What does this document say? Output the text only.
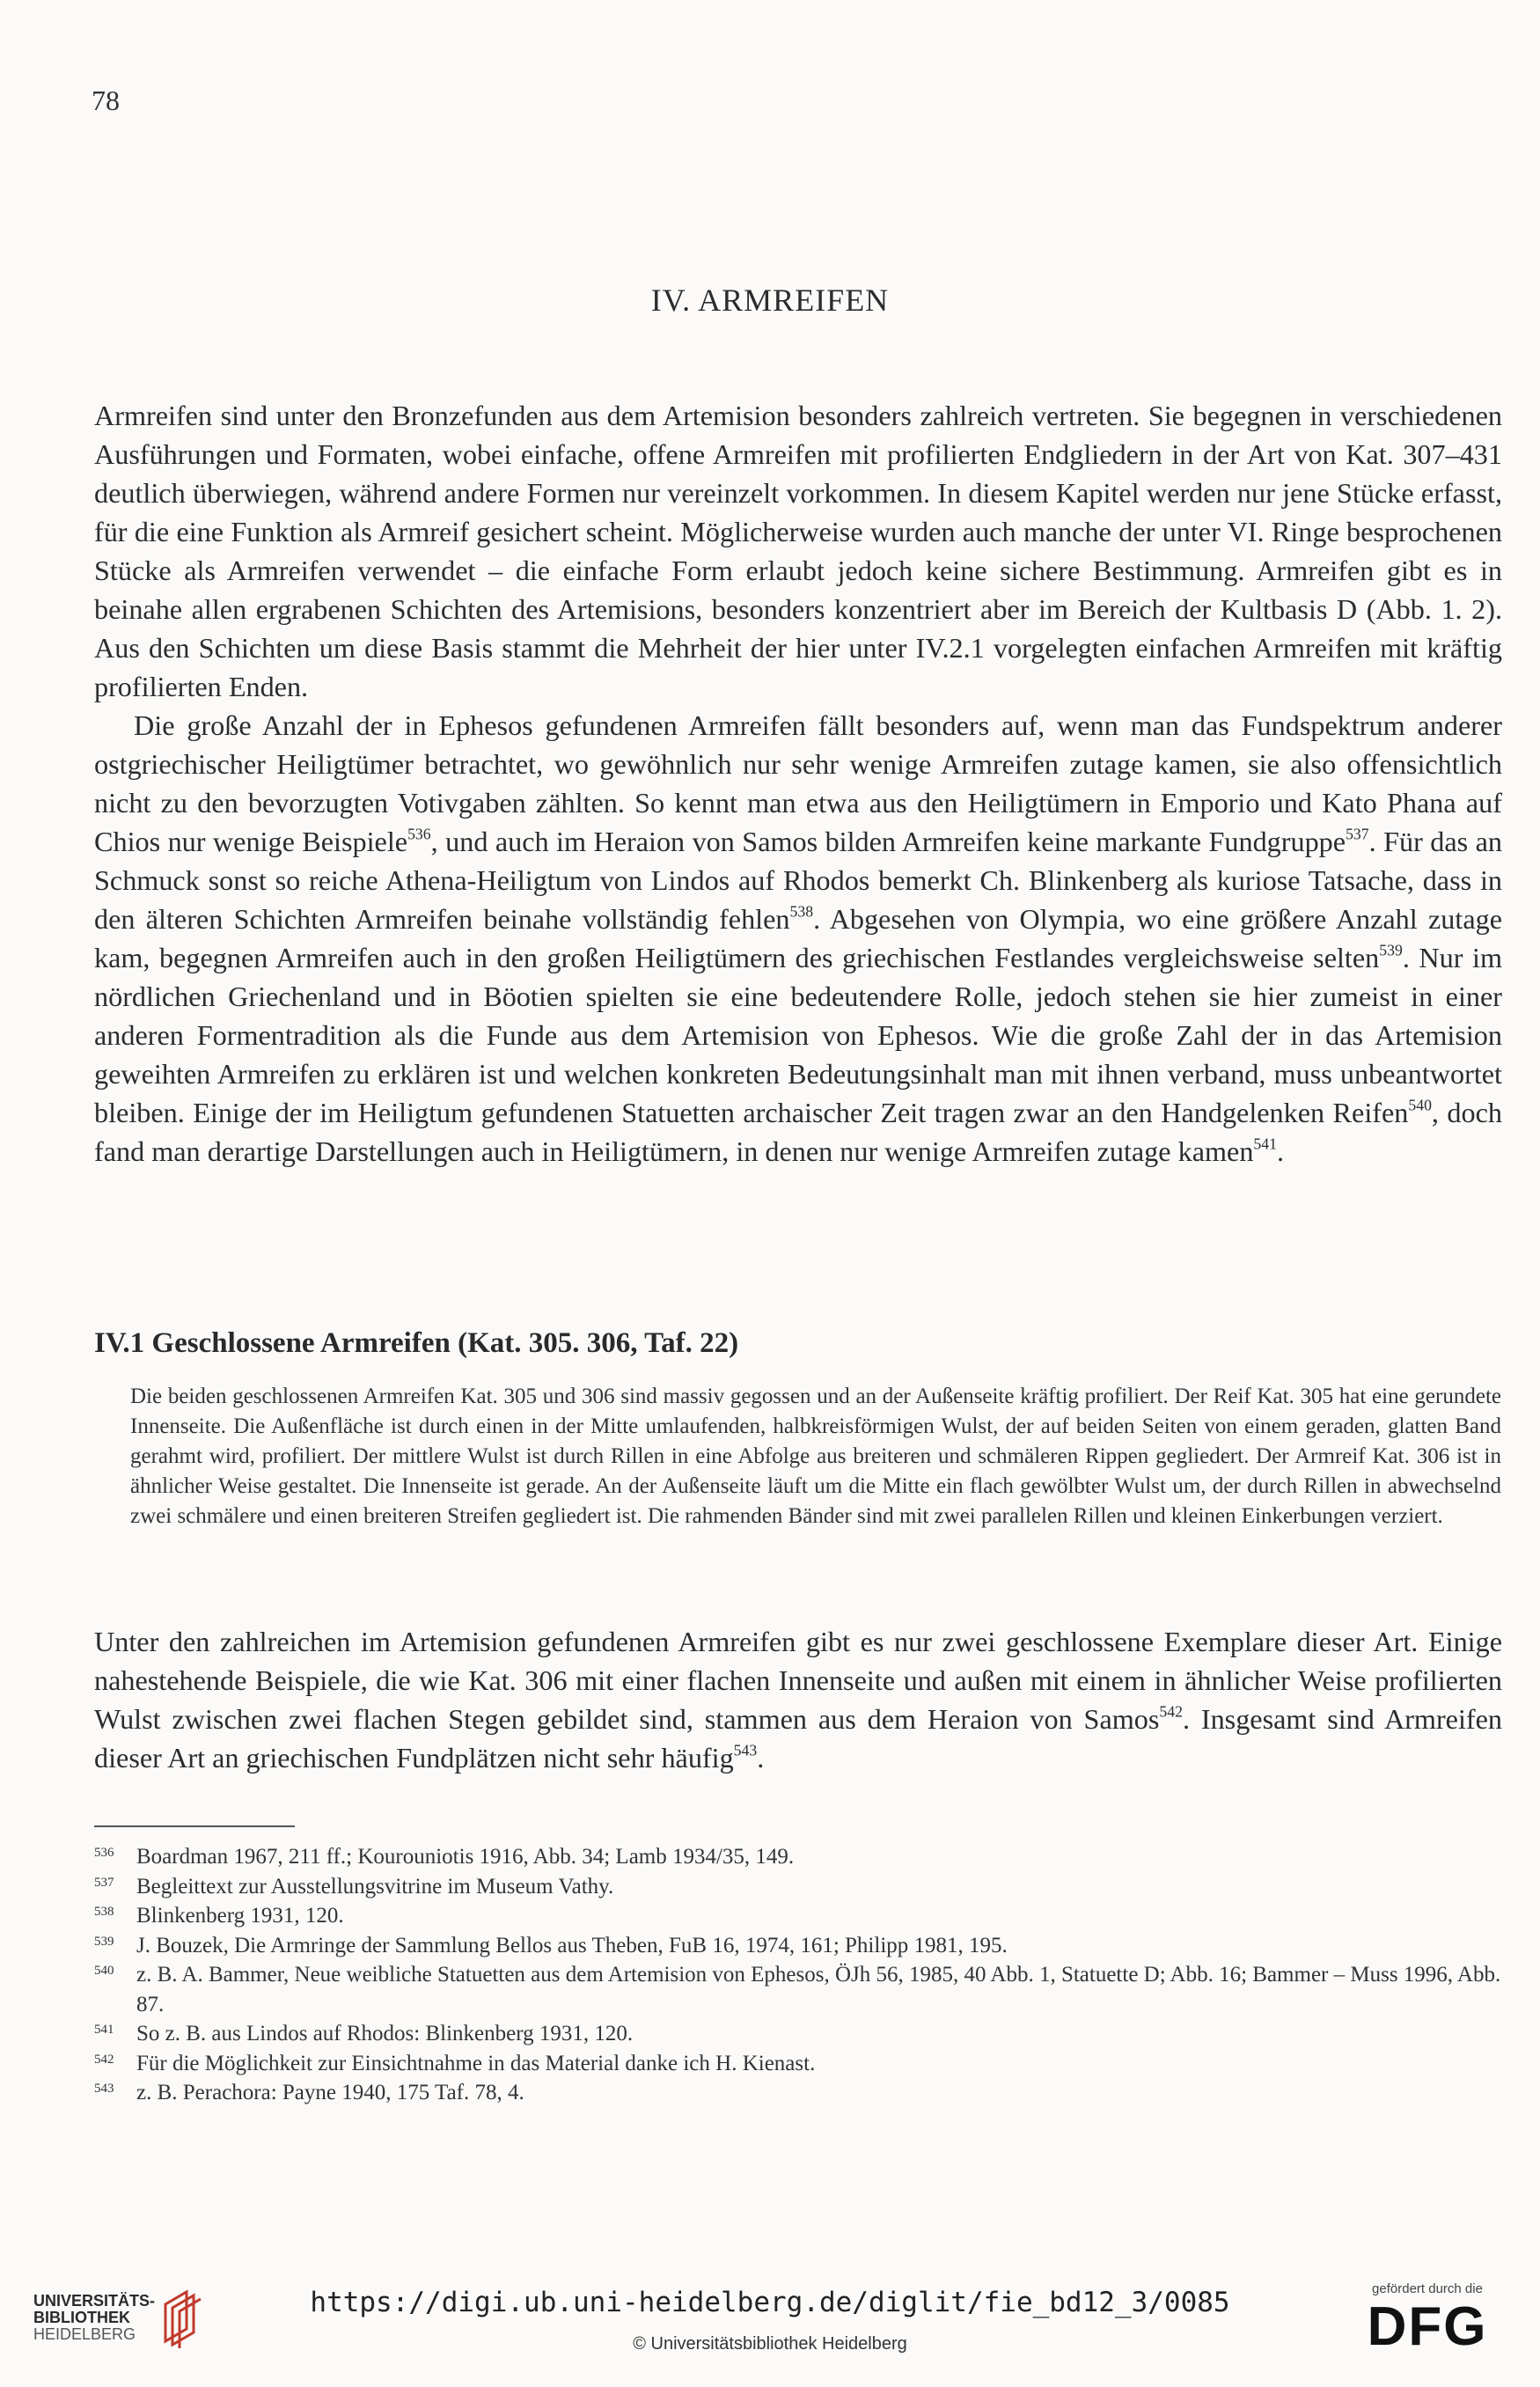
78
IV. ARMREIFEN

Armreifen sind unter den Bronzefunden aus dem Artemision besonders zahlreich vertreten. Sie begegnen in verschiedenen Ausführungen und Formaten, wobei einfache, offene Armreifen mit profilierten Endgliedern in der Art von Kat. 307–431 deutlich überwiegen, während andere Formen nur vereinzelt vorkommen. In diesem Kapitel werden nur jene Stücke erfasst, für die eine Funktion als Armreif gesichert scheint. Möglicherweise wurden auch manche der unter VI. Ringe besprochenen Stücke als Armreifen verwendet – die einfache Form erlaubt jedoch keine sichere Bestimmung. Armreifen gibt es in beinahe allen ergrabenen Schichten des Artemisions, besonders konzentriert aber im Bereich der Kultbasis D (Abb. 1. 2). Aus den Schichten um diese Basis stammt die Mehrheit der hier unter IV.2.1 vorgelegten einfachen Armreifen mit kräftig profilierten Enden.

Die große Anzahl der in Ephesos gefundenen Armreifen fällt besonders auf, wenn man das Fundspektrum anderer ostgriechischer Heiligtümer betrachtet, wo gewöhnlich nur sehr wenige Armreifen zutage kamen, sie also offensichtlich nicht zu den bevorzugten Votivgaben zählten. So kennt man etwa aus den Heiligtümern in Emporio und Kato Phana auf Chios nur wenige Beispiele$^{536}$, und auch im Heraion von Samos bilden Armreifen keine markante Fundgruppe$^{537}$. Für das an Schmuck sonst so reiche Athena-Heiligtum von Lindos auf Rhodos bemerkt Ch. Blinkenberg als kuriose Tatsache, dass in den älteren Schichten Armreifen beinahe vollständig fehlen$^{538}$. Abgesehen von Olympia, wo eine größere Anzahl zutage kam, begegnen Armreifen auch in den großen Heiligtümern des griechischen Festlandes vergleichsweise selten$^{539}$. Nur im nördlichen Griechenland und in Böotien spielten sie eine bedeutendere Rolle, jedoch stehen sie hier zumeist in einer anderen Formentradition als die Funde aus dem Artemision von Ephesos. Wie die große Zahl der in das Artemision geweihten Armreifen zu erklären ist und welchen konkreten Bedeutungsinhalt man mit ihnen verband, muss unbeantwortet bleiben. Einige der im Heiligtum gefundenen Statuetten archaischer Zeit tragen zwar an den Handgelenken Reifen$^{540}$, doch fand man derartige Darstellungen auch in Heiligtümern, in denen nur wenige Armreifen zutage kamen$^{541}$.

IV.1 Geschlossene Armreifen (Kat. 305. 306, Taf. 22)

Die beiden geschlossenen Armreifen Kat. 305 und 306 sind massiv gegossen und an der Außenseite kräftig profiliert. Der Reif Kat. 305 hat eine gerundete Innenseite. Die Außenfläche ist durch einen in der Mitte umlaufenden, halbkreisförmigen Wulst, der auf beiden Seiten von einem geraden, glatten Band gerahmt wird, profiliert. Der mittlere Wulst ist durch Rillen in eine Abfolge aus breiteren und schmäleren Rippen gegliedert. Der Armreif Kat. 306 ist in ähnlicher Weise gestaltet. Die Innenseite ist gerade. An der Außenseite läuft um die Mitte ein flach gewölbter Wulst um, der durch Rillen in abwechselnd zwei schmälere und einen breiteren Streifen gegliedert ist. Die rahmenden Bänder sind mit zwei parallelen Rillen und kleinen Einkerbungen verziert.

Unter den zahlreichen im Artemision gefundenen Armreifen gibt es nur zwei geschlossene Exemplare dieser Art. Einige nahestehende Beispiele, die wie Kat. 306 mit einer flachen Innenseite und außen mit einem in ähnlicher Weise profilierten Wulst zwischen zwei flachen Stegen gebildet sind, stammen aus dem Heraion von Samos$^{542}$. Insgesamt sind Armreifen dieser Art an griechischen Fundplätzen nicht sehr häufig$^{543}$.

536	Boardman 1967, 211 ff.; Kourouniotis 1916, Abb. 34; Lamb 1934/35, 149.
537	Begleittext zur Ausstellungsvitrine im Museum Vathy.
538	Blinkenberg 1931, 120.
539	J. Bouzek, Die Armringe der Sammlung Bellos aus Theben, FuB 16, 1974, 161; Philipp 1981, 195.
540	z. B. A. Bammer, Neue weibliche Statuetten aus dem Artemision von Ephesos, ÖJh 56, 1985, 40 Abb. 1, Statuette D; Abb. 16; Bammer – Muss 1996, Abb. 87.
541	So z. B. aus Lindos auf Rhodos: Blinkenberg 1931, 120.
542	Für die Möglichkeit zur Einsichtnahme in das Material danke ich H. Kienast.
543	z. B. Perachora: Payne 1940, 175 Taf. 78, 4.
UNIVERSITÄTS-
BIBLIOTHEK
HEIDELBERG
https://digi.ub.uni-heidelberg.de/diglit/fie_bd12_3/0085
© Universitätsbibliothek Heidelberg
gefördert durch die
DFG
